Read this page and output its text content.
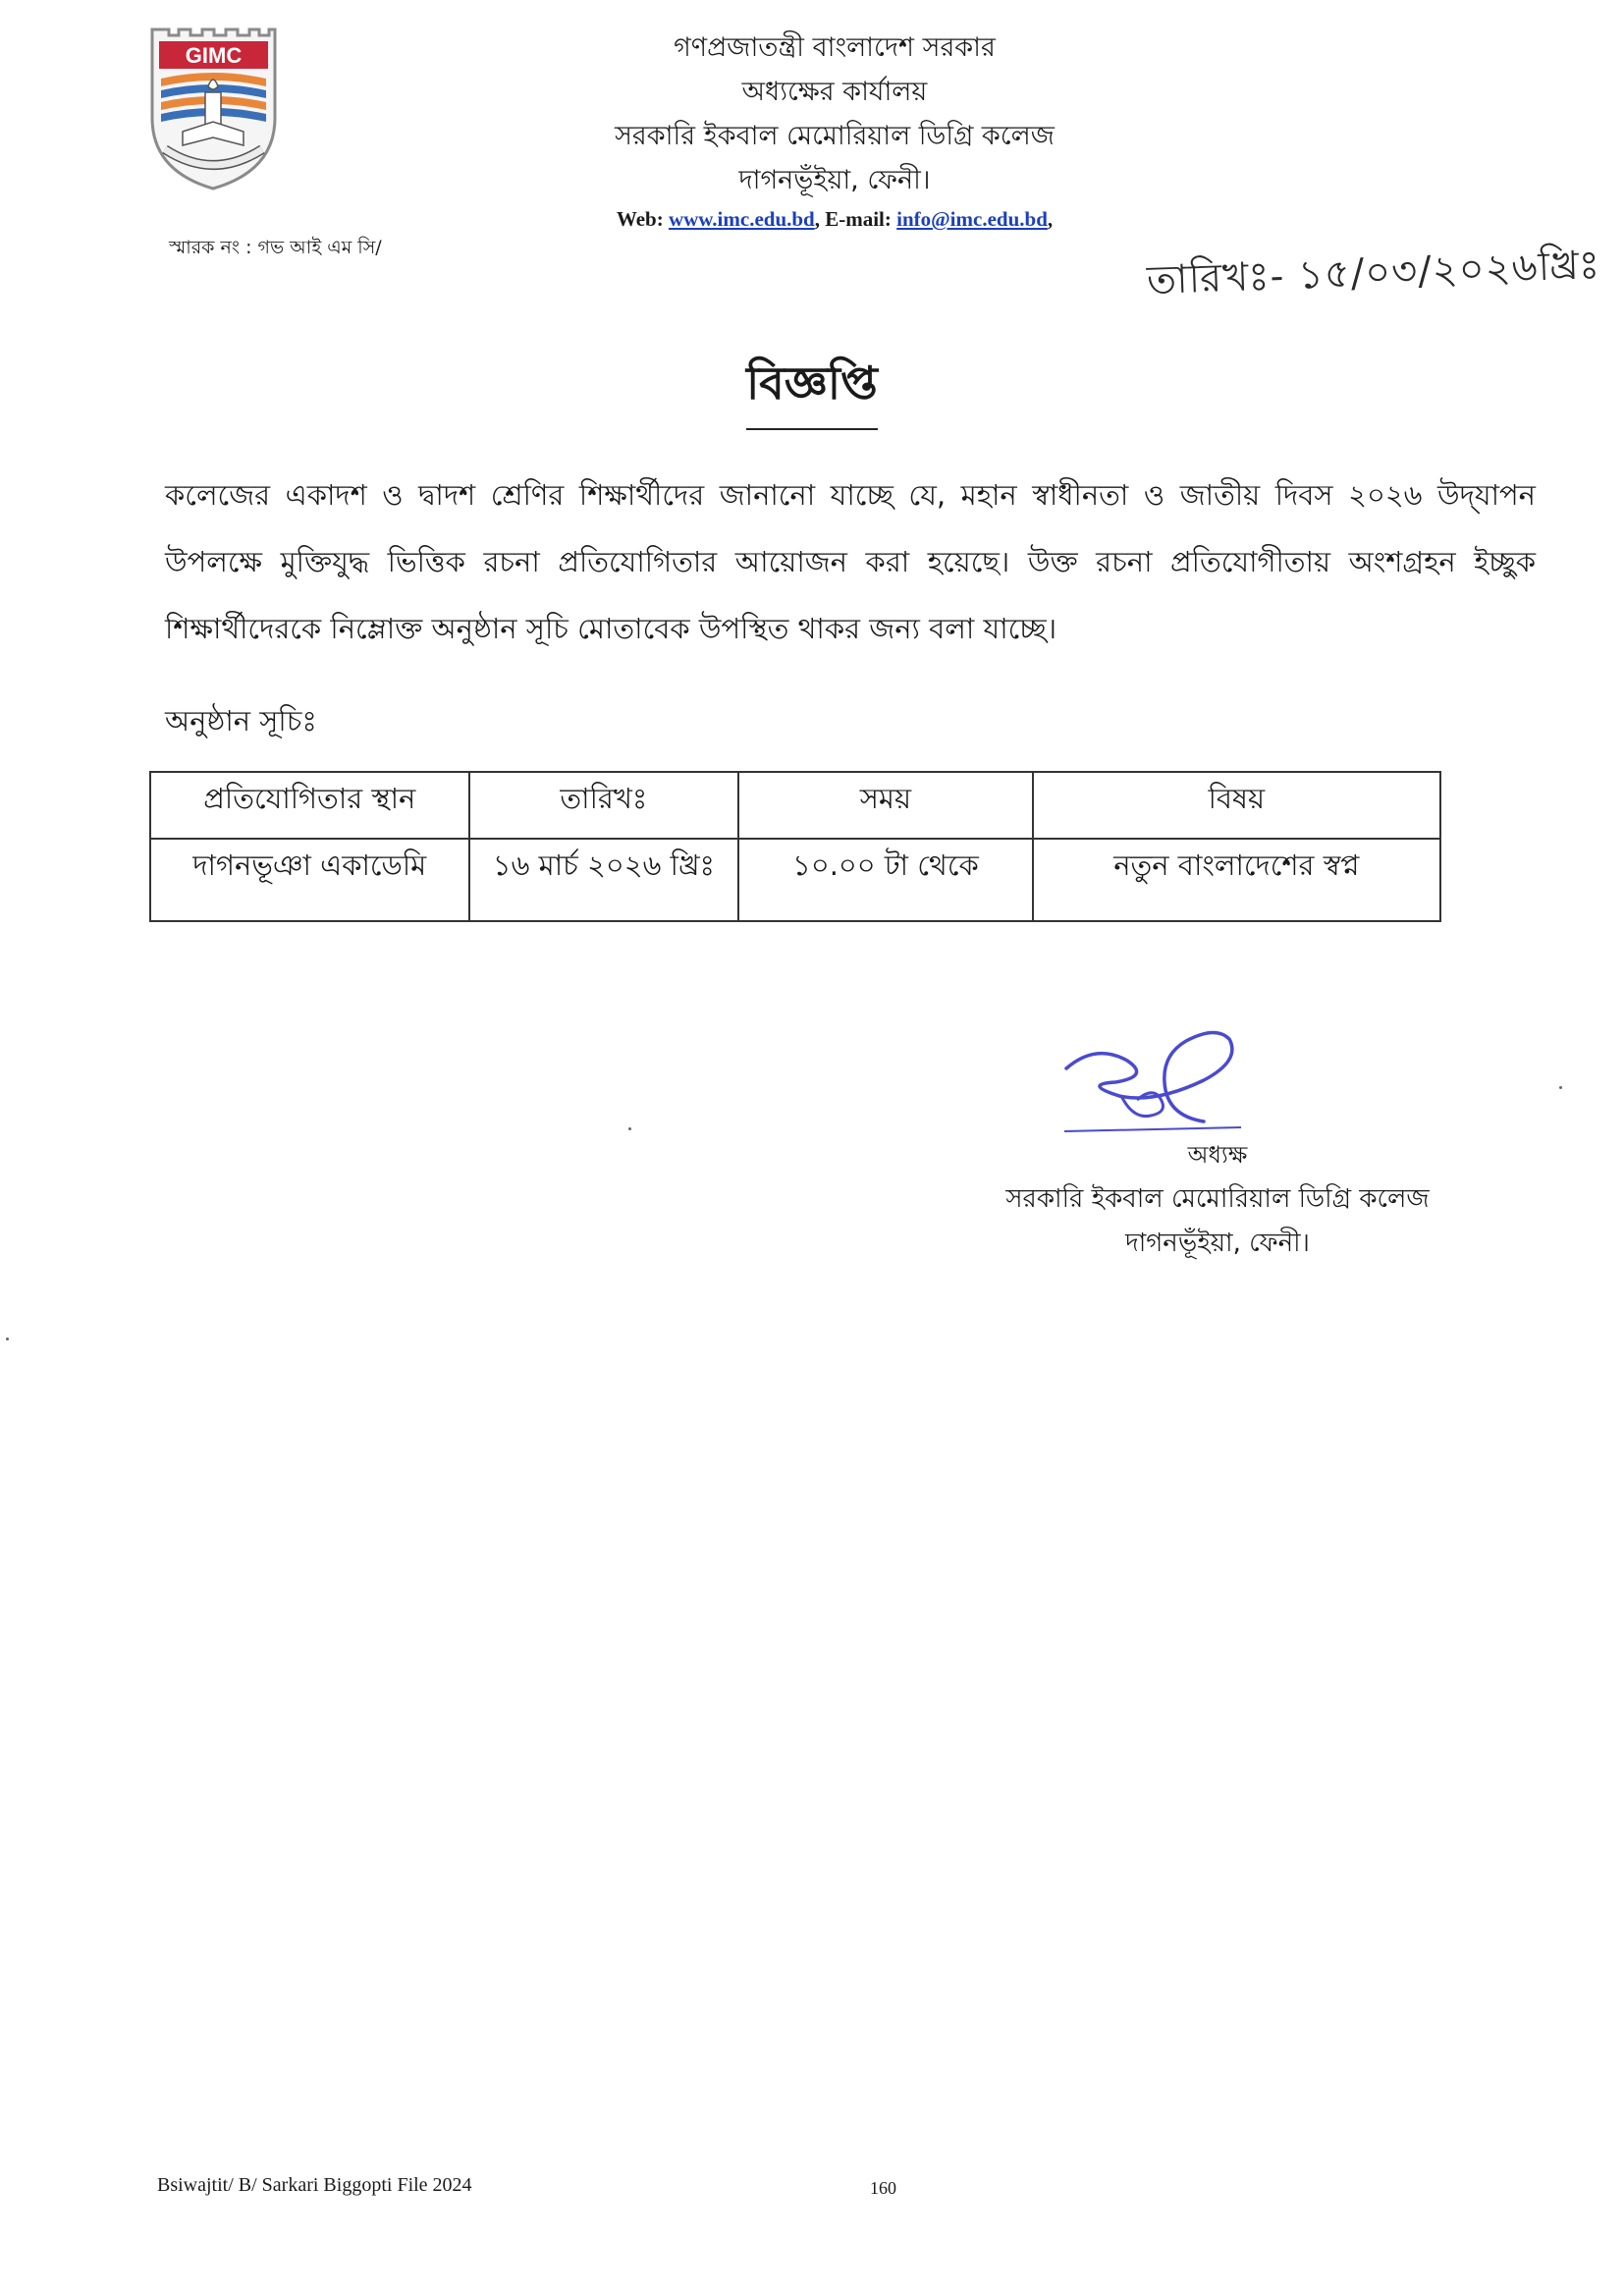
GIMC	গণপ্রজাতন্ত্রী বাংলাদেশ সরকার
অধ্যক্ষের কার্যালয়
সরকারি ইকবাল মেমোরিয়াল ডিগ্রি কলেজ
দাগনভূঁইয়া, ফেনী।
Web: www.imc.edu.bd, E-mail: info@imc.edu.bd,
স্মারক নং : গভ আই এম সি/	তারিখঃ- ১৫/০৩/২০২৬খ্রিঃ
বিজ্ঞপ্তি
কলেজের একাদশ ও দ্বাদশ শ্রেণির শিক্ষার্থীদের জানানো যাচ্ছে যে, মহান স্বাধীনতা ও জাতীয় দিবস ২০২৬ উদ্‌যাপন উপলক্ষে মুক্তিযুদ্ধ ভিত্তিক রচনা প্রতিযোগিতার আয়োজন করা হয়েছে। উক্ত রচনা প্রতিযোগীতায় অংশগ্রহন ইচ্ছুক শিক্ষার্থীদেরকে নিম্লোক্ত অনুষ্ঠান সূচি মোতাবেক উপস্থিত থাকর জন্য বলা যাচ্ছে।
অনুষ্ঠান সূচিঃ
প্রতিযোগিতার স্থান	তারিখঃ	সময়	বিষয়
দাগনভূঞা একাডেমি	১৬ মার্চ ২০২৬ খ্রিঃ	১০.০০ টা থেকে	নতুন বাংলাদেশের স্বপ্ন
অধ্যক্ষ
সরকারি ইকবাল মেমোরিয়াল ডিগ্রি কলেজ
দাগনভূঁইয়া, ফেনী।
Bsiwajtit/ B/ Sarkari Biggopti File 2024	160
